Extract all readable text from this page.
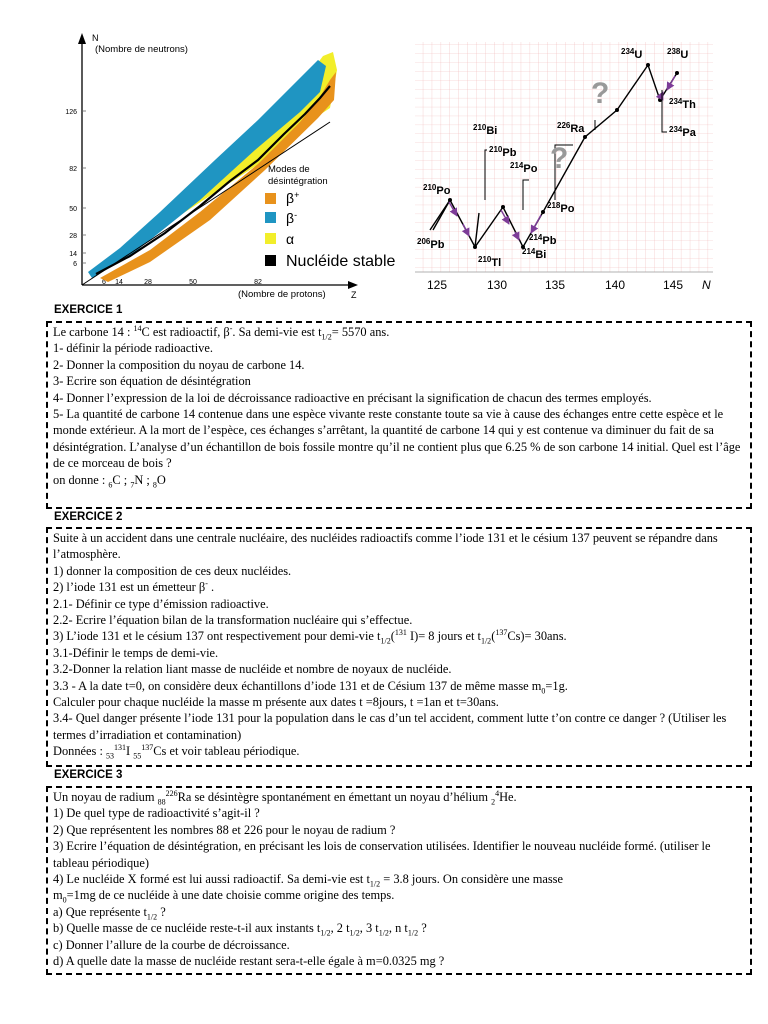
N
(Nombre de neutrons)
Z
(Nombre de protons)
126
82
50
28
14
6
6 14	28	50	82
Modes de
désintégration
β+
β-
α
Nucléide stable
?
?
$^{234}$U	$^{238}$U
$^{234}$Th
$^{234}$Pa
$^{226}$Ra
$^{210}$Bi
$^{210}$Pb
$^{214}$Po
$^{210}$Po
$^{218}$Po
$^{206}$Pb
$^{214}$Pb
$^{210}$Tl
$^{214}$Bi
125	130	135	140	145 N
EXERCICE 1

Le carbone 14 : $^{14}$C est radioactif, β-. Sa demi-vie est $t_{1/2}= 5570$ ans.

1- définir la période radioactive.

2- Donner la composition du noyau de carbone 14.

3- Ecrire son équation de désintégration

4- Donner l’expression de la loi de décroissance radioactive en précisant la signification de chacun des termes employés.

5- La quantité de carbone 14 contenue dans une espèce vivante reste constante toute sa vie à cause des échanges entre cette espèce et le monde extérieur. A la mort de l’espèce, ces échanges s’arrêtant, la quantité de carbone 14 qui y est contenue va diminuer du fait de sa désintégration. L’analyse d’un échantillon de bois fossile montre qu’il ne contient plus que 6.25 % de son carbone 14 initial. Quel est l’âge de ce morceau de bois ?

on donne : $_6$C ; $_7$N ; $_8$O

EXERCICE 2

Suite à un accident dans une centrale nucléaire, des nucléides radioactifs comme l’iode 131 et le césium 137 peuvent se répandre dans l’atmosphère.

1) donner la composition de ces deux nucléides.

2) l’iode 131 est un émetteur β- .

2.1- Définir ce type d’émission radioactive.

2.2- Ecrire l’équation bilan de la transformation nucléaire qui s’effectue.

3) L’iode 131 et le césium 137 ont respectivement pour demi-vie $t_{1/2}(^{131}$ I)= 8 jours et $t_{1/2}(^{137}Cs)= 30ans$.

3.1-Définir le temps de demi-vie.

3.2-Donner la relation liant masse de nucléide et nombre de noyaux de nucléide.

3.3 - A la date t=0, on considère deux échantillons d’iode 131 et de Césium 137 de même masse $m_0=1g$.

Calculer pour chaque nucléide la masse m présente aux dates t =8jours, t =1an et t=30ans.

3.4- Quel danger présente l’iode 131 pour la population dans le cas d’un tel accident, comment lutte t’on contre ce danger ? (Utiliser les termes d’irradiation et contamination)

Données : $_{53}^{131}$I $_{55}^{137}$Cs et voir tableau périodique.

EXERCICE 3

Un noyau de radium $_{88}^{226}$Ra se désintègre spontanément en émettant un noyau d’hélium $_2^4$He.

1) De quel type de radioactivité s’agit-il ?

2) Que représentent les nombres 88 et 226 pour le noyau de radium ?

3) Ecrire l’équation de désintégration, en précisant les lois de conservation utilisées. Identifier le nouveau nucléide formé. (utiliser le tableau périodique)

4) Le nucléide X formé est lui aussi radioactif. Sa demi-vie est $t_{1/2} = 3.8$ jours. On considère une masse

$m_0=1mg$ de ce nucléide à une date choisie comme origine des temps.

a) Que représente $t_{1/2}$ ?

b) Quelle masse de ce nucléide reste-t-il aux instants $t_{1/2}$, 2 $t_{1/2}$, 3 $t_{1/2}$, n $t_{1/2}$ ?

c) Donner l’allure de la courbe de décroissance.

d) A quelle date la masse de nucléide restant sera-t-elle égale à m=0.0325 mg ?
